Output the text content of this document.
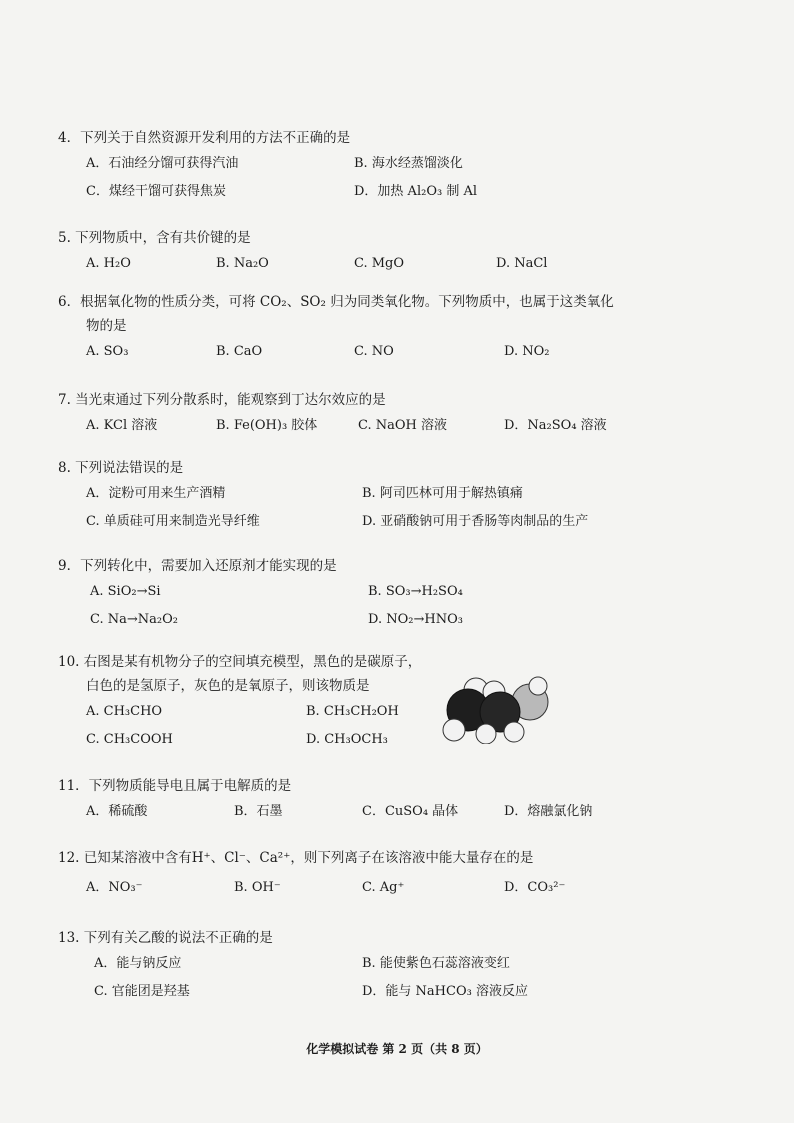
4．下列关于自然资源开发利用的方法不正确的是
A．石油经分馏可获得汽油	B. 海水经蒸馏淡化
C．煤经干馏可获得焦炭	D．加热 Al₂O₃ 制 Al
5. 下列物质中，含有共价键的是
A. H₂O	B. Na₂O	C. MgO	D. NaCl
6．根据氧化物的性质分类，可将 CO₂、SO₂ 归为同类氧化物。下列物质中，也属于这类氧化
物的是
A. SO₃	B. CaO	C. NO	D. NO₂
7. 当光束通过下列分散系时，能观察到丁达尔效应的是
A. KCl 溶液	B. Fe(OH)₃ 胶体	C. NaOH 溶液	D．Na₂SO₄ 溶液
8. 下列说法错误的是
A．淀粉可用来生产酒精	B. 阿司匹林可用于解热镇痛
C. 单质硅可用来制造光导纤维	D. 亚硝酸钠可用于香肠等肉制品的生产
9．下列转化中，需要加入还原剂才能实现的是
A. SiO₂→Si	B. SO₃→H₂SO₄
C. Na→Na₂O₂	D. NO₂→HNO₃
10. 右图是某有机物分子的空间填充模型，黑色的是碳原子，
白色的是氢原子，灰色的是氧原子，则该物质是
A. CH₃CHO	B. CH₃CH₂OH
C. CH₃COOH	D. CH₃OCH₃
11．下列物质能导电且属于电解质的是
A．稀硫酸	B．石墨	C．CuSO₄ 晶体	D．熔融氯化钠
12. 已知某溶液中含有H⁺、Cl⁻、Ca²⁺，则下列离子在该溶液中能大量存在的是
A．NO₃⁻	B. OH⁻	C. Ag⁺	D．CO₃²⁻
13. 下列有关乙酸的说法不正确的是
A．能与钠反应	B. 能使紫色石蕊溶液变红
C. 官能团是羟基	D．能与 NaHCO₃ 溶液反应
化学模拟试卷 第 2 页（共 8 页）
